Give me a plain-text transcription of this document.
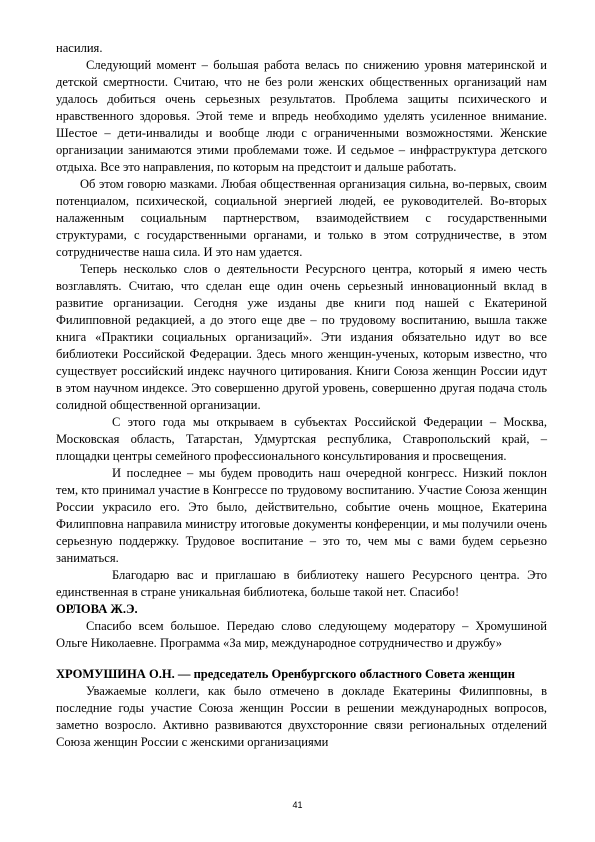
насилия.

Следующий момент – большая работа велась по снижению уровня материнской и детской смертности. Считаю, что не без роли женских общественных организаций нам удалось добиться очень серьезных результатов. Проблема защиты психического и нравственного здоровья. Этой теме и впредь необходимо уделять усиленное внимание. Шестое – дети-инвалиды и вообще люди с ограниченными возможностями. Женские организации занимаются этими проблемами тоже. И седьмое – инфраструктура детского отдыха. Все это направления, по которым на предстоит и дальше работать.

Об этом говорю мазками. Любая общественная организация сильна, во-первых, своим потенциалом, психической, социальной энергией людей, ее руководителей. Во-вторых налаженным социальным партнерством, взаимодействием с государственными структурами, с государственными органами, и только в этом сотрудничестве, в этом сотрудничестве наша сила. И это нам удается.

Теперь несколько слов о деятельности Ресурсного центра, который я имею честь возглавлять. Считаю, что сделан еще один очень серьезный инновационный вклад в развитие организации. Сегодня уже изданы две книги под нашей с Екатериной Филипповной редакцией, а до этого еще две – по трудовому воспитанию, вышла также книга «Практики социальных организаций». Эти издания обязательно идут во все библиотеки Российской Федерации. Здесь много женщин-ученых, которым известно, что существует российский индекс научного цитирования. Книги Союза женщин России идут в этом научном индексе. Это совершенно другой уровень, совершенно другая подача столь солидной общественной организации.

С этого года мы открываем в субъектах Российской Федерации – Москва, Московская область, Татарстан, Удмуртская республика, Ставропольский край, – площадки центры семейного профессионального консультирования и просвещения.

И последнее – мы будем проводить наш очередной конгресс. Низкий поклон тем, кто принимал участие в Конгрессе по трудовому воспитанию. Участие Союза женщин России украсило его. Это было, действительно, событие очень мощное, Екатерина Филипповна направила министру итоговые документы конференции, и мы получили очень серьезную поддержку. Трудовое воспитание – это то, чем мы с вами будем серьезно заниматься.

Благодарю вас и приглашаю в библиотеку нашего Ресурсного центра. Это единственная в стране уникальная библиотека, больше такой нет. Спасибо!

ОРЛОВА Ж.Э.

Спасибо всем большое. Передаю слово следующему модератору – Хромушиной Ольге Николаевне. Программа «За мир, международное сотрудничество и дружбу»

ХРОМУШИНА О.Н. — председатель Оренбургского областного Совета женщин

Уважаемые коллеги, как было отмечено в докладе Екатерины Филипповны, в последние годы участие Союза женщин России в решении международных вопросов, заметно возросло. Активно развиваются двухсторонние связи региональных отделений Союза женщин России с женскими организациями

41
